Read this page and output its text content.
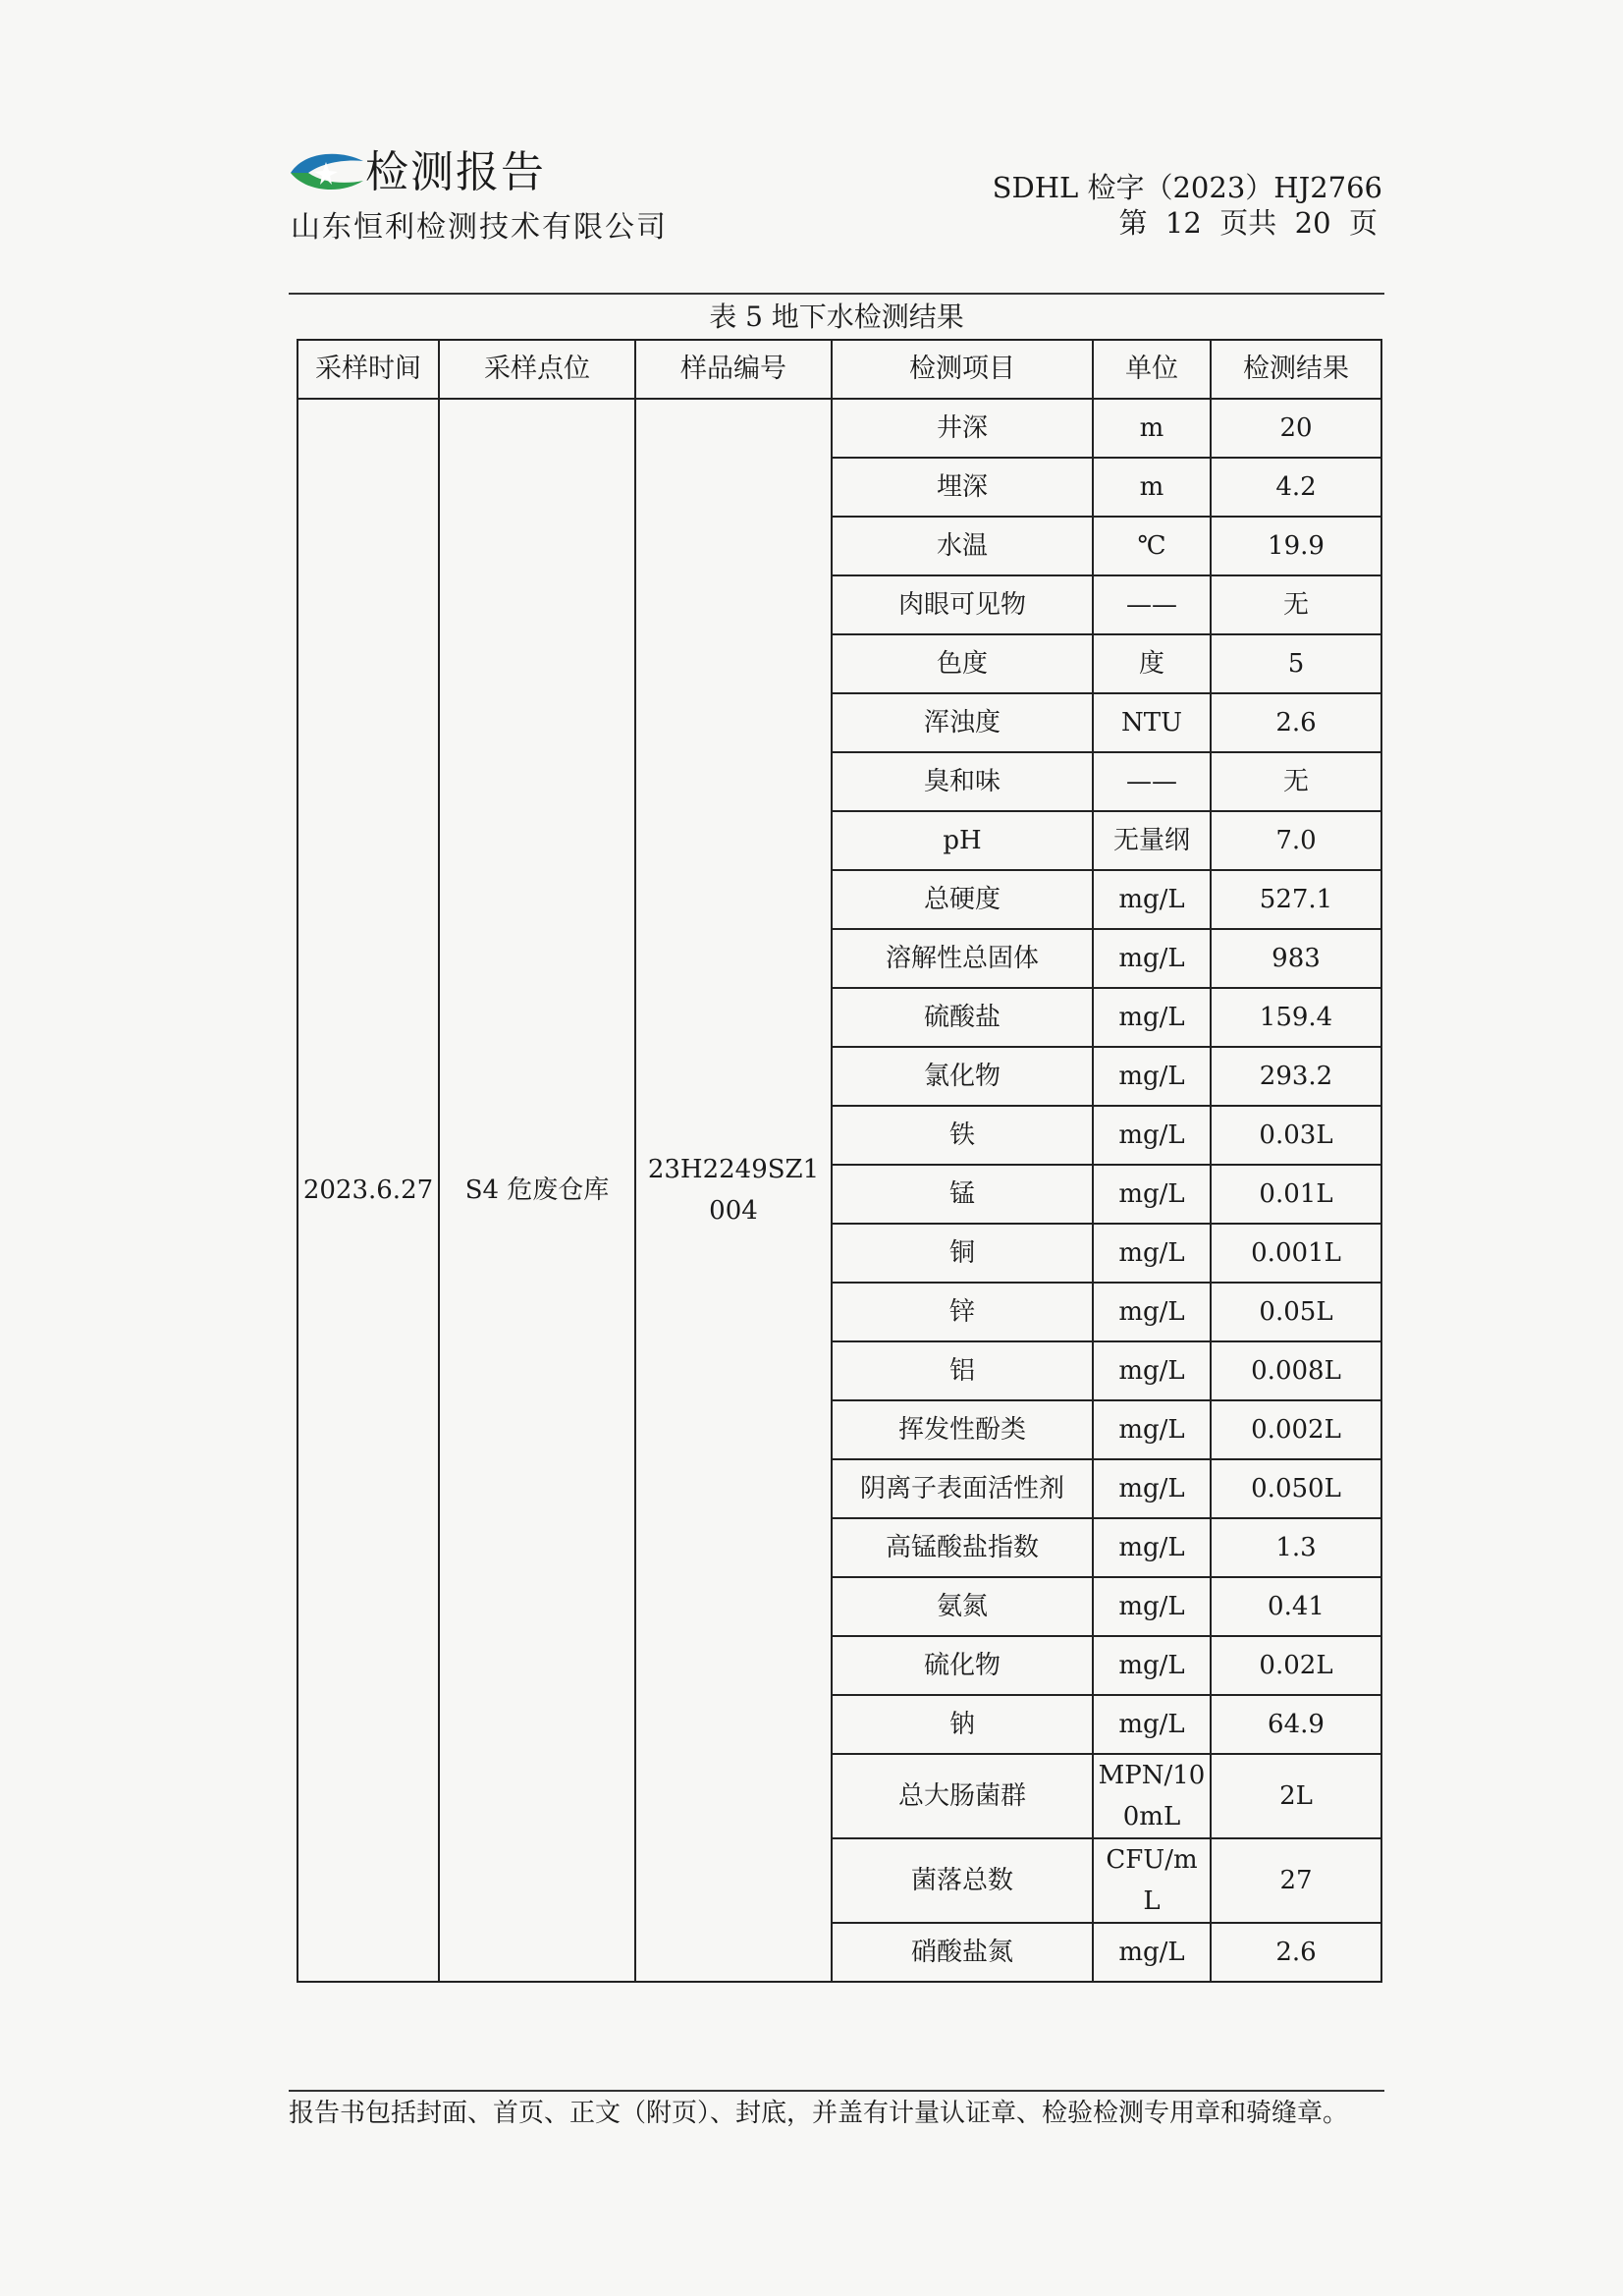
检测报告
山东恒利检测技术有限公司
SDHL 检字（2023）HJ2766
第  12  页共  20  页
表 5 地下水检测结果
采样时间	采样点位	样品编号	检测项目	单位	检测结果
2023.6.27	S4 危废仓库	23H2249SZ1004	井深	m	20
			埋深	m	4.2
			水温	℃	19.9
			肉眼可见物	——	无
			色度	度	5
			浑浊度	NTU	2.6
			臭和味	——	无
			pH	无量纲	7.0
			总硬度	mg/L	527.1
			溶解性总固体	mg/L	983
			硫酸盐	mg/L	159.4
			氯化物	mg/L	293.2
			铁	mg/L	0.03L
			锰	mg/L	0.01L
			铜	mg/L	0.001L
			锌	mg/L	0.05L
			铝	mg/L	0.008L
			挥发性酚类	mg/L	0.002L
			阴离子表面活性剂	mg/L	0.050L
			高锰酸盐指数	mg/L	1.3
			氨氮	mg/L	0.41
			硫化物	mg/L	0.02L
			钠	mg/L	64.9
			总大肠菌群	MPN/100mL	2L
			菌落总数	CFU/mL	27
			硝酸盐氮	mg/L	2.6
报告书包括封面、首页、正文（附页）、封底，并盖有计量认证章、检验检测专用章和骑缝章。
